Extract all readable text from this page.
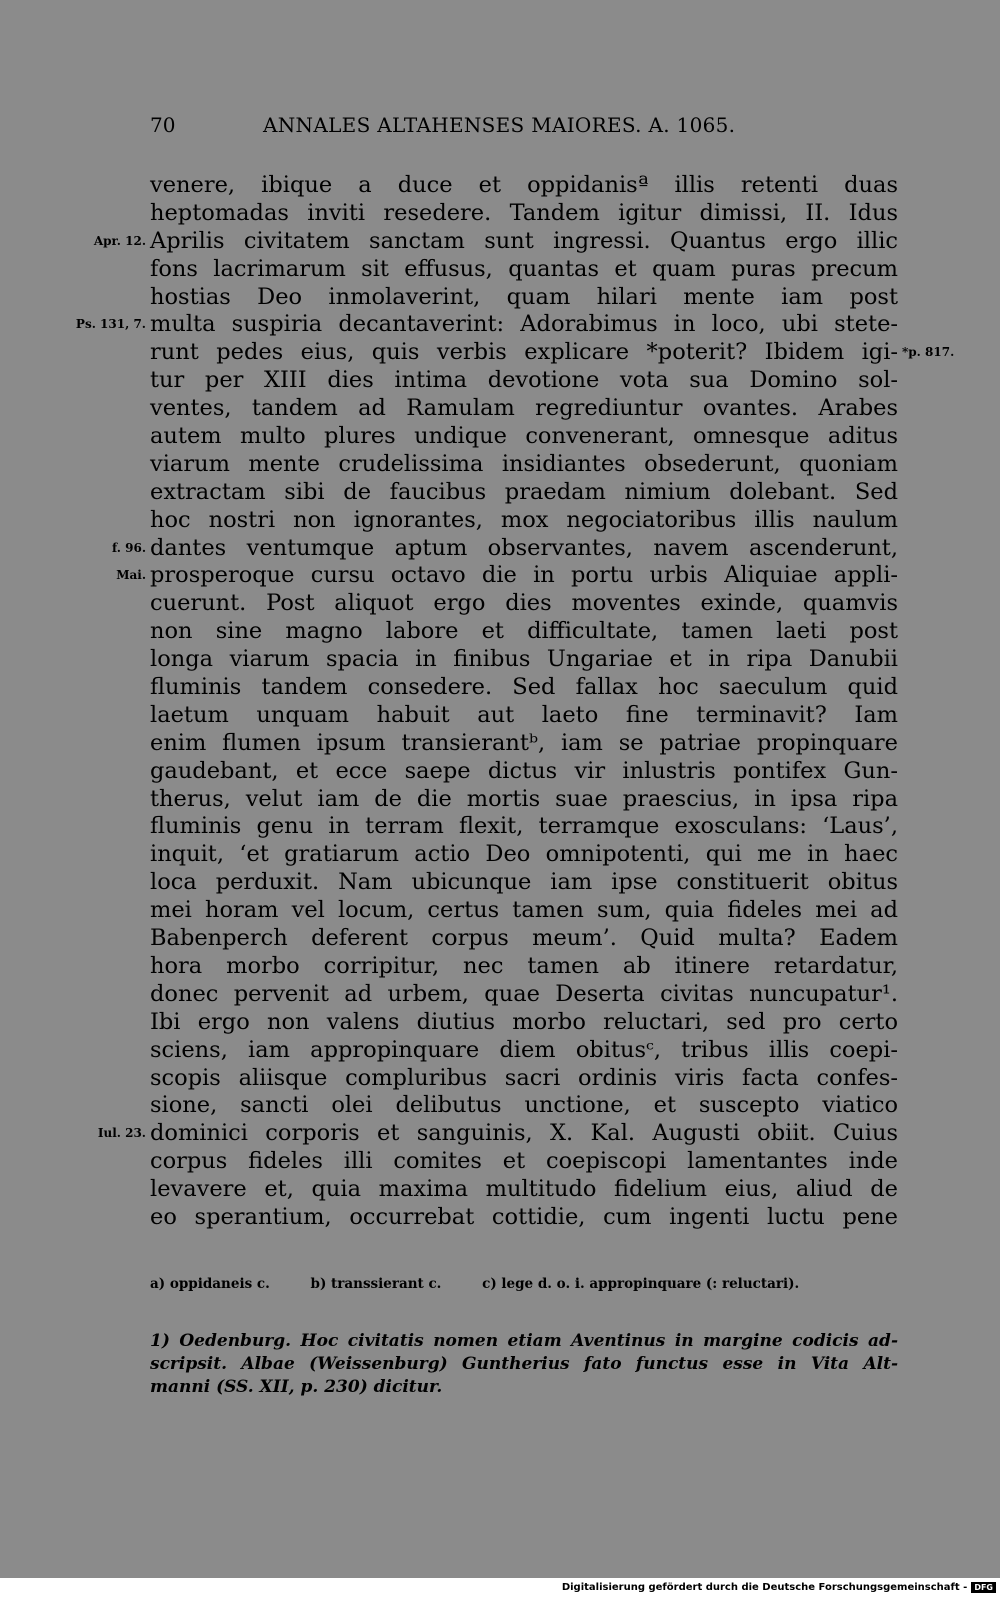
70	ANNALES ALTAHENSES MAIORES. A. 1065.
venere, ibique a duce et oppidanisª illis retenti duas
heptomadas inviti resedere. Tandem igitur dimissi, II. Idus
Aprilis civitatem sanctam sunt ingressi. Quantus ergo illic
Apr. 12.
fons lacrimarum sit effusus, quantas et quam puras precum
hostias Deo inmolaverint, quam hilari mente iam post
multa suspiria decantaverint: Adorabimus in loco, ubi stete-
Ps. 131, 7.
runt pedes eius, quis verbis explicare *poterit? Ibidem igi- *p. 817.
tur per XIII dies intima devotione vota sua Domino sol-
ventes, tandem ad Ramulam regrediuntur ovantes. Arabes
autem multo plures undique convenerant, omnesque aditus
viarum mente crudelissima insidiantes obsederunt, quoniam
extractam sibi de faucibus praedam nimium dolebant. Sed
hoc nostri non ignorantes, mox negociatoribus illis naulum
dantes ventumque aptum observantes, navem ascenderunt,
f. 96.
prosperoque cursu octavo die in portu urbis Aliquiae appli-
Mai.
cuerunt. Post aliquot ergo dies moventes exinde, quamvis
non sine magno labore et difficultate, tamen laeti post
longa viarum spacia in finibus Ungariae et in ripa Danubii
fluminis tandem consedere. Sed fallax hoc saeculum quid
laetum unquam habuit aut laeto fine terminavit? Iam
enim flumen ipsum transierantᵇ, iam se patriae propinquare
gaudebant, et ecce saepe dictus vir inlustris pontifex Gun-
therus, velut iam de die mortis suae praescius, in ipsa ripa
fluminis genu in terram flexit, terramque exosculans: ‘Laus’,
inquit, ‘et gratiarum actio Deo omnipotenti, qui me in haec
loca perduxit. Nam ubicunque iam ipse constituerit obitus
mei horam vel locum, certus tamen sum, quia fideles mei ad
Babenperch deferent corpus meum’. Quid multa? Eadem
hora morbo corripitur, nec tamen ab itinere retardatur,
donec pervenit ad urbem, quae Deserta civitas nuncupatur¹.
Ibi ergo non valens diutius morbo reluctari, sed pro certo
sciens, iam appropinquare diem obitusᶜ, tribus illis coepi-
scopis aliisque compluribus sacri ordinis viris facta confes-
sione, sancti olei delibutus unctione, et suscepto viatico
dominici corporis et sanguinis, X. Kal. Augusti obiit. Cuius
Iul. 23.
corpus fideles illi comites et coepiscopi lamentantes inde
levavere et, quia maxima multitudo fidelium eius, aliud de
eo sperantium, occurrebat cottidie, cum ingenti luctu pene
a) oppidaneis c.	b) transsierant c.	c) lege d. o. i. appropinquare (: reluctari).
1) Oedenburg. Hoc civitatis nomen etiam Aventinus in margine codicis ad-
scripsit. Albae (Weissenburg) Guntherius fato functus esse in Vita Alt-
manni (SS. XII, p. 230) dicitur.
Digitalisierung gefördert durch die Deutsche Forschungsgemeinschaft - DFG
